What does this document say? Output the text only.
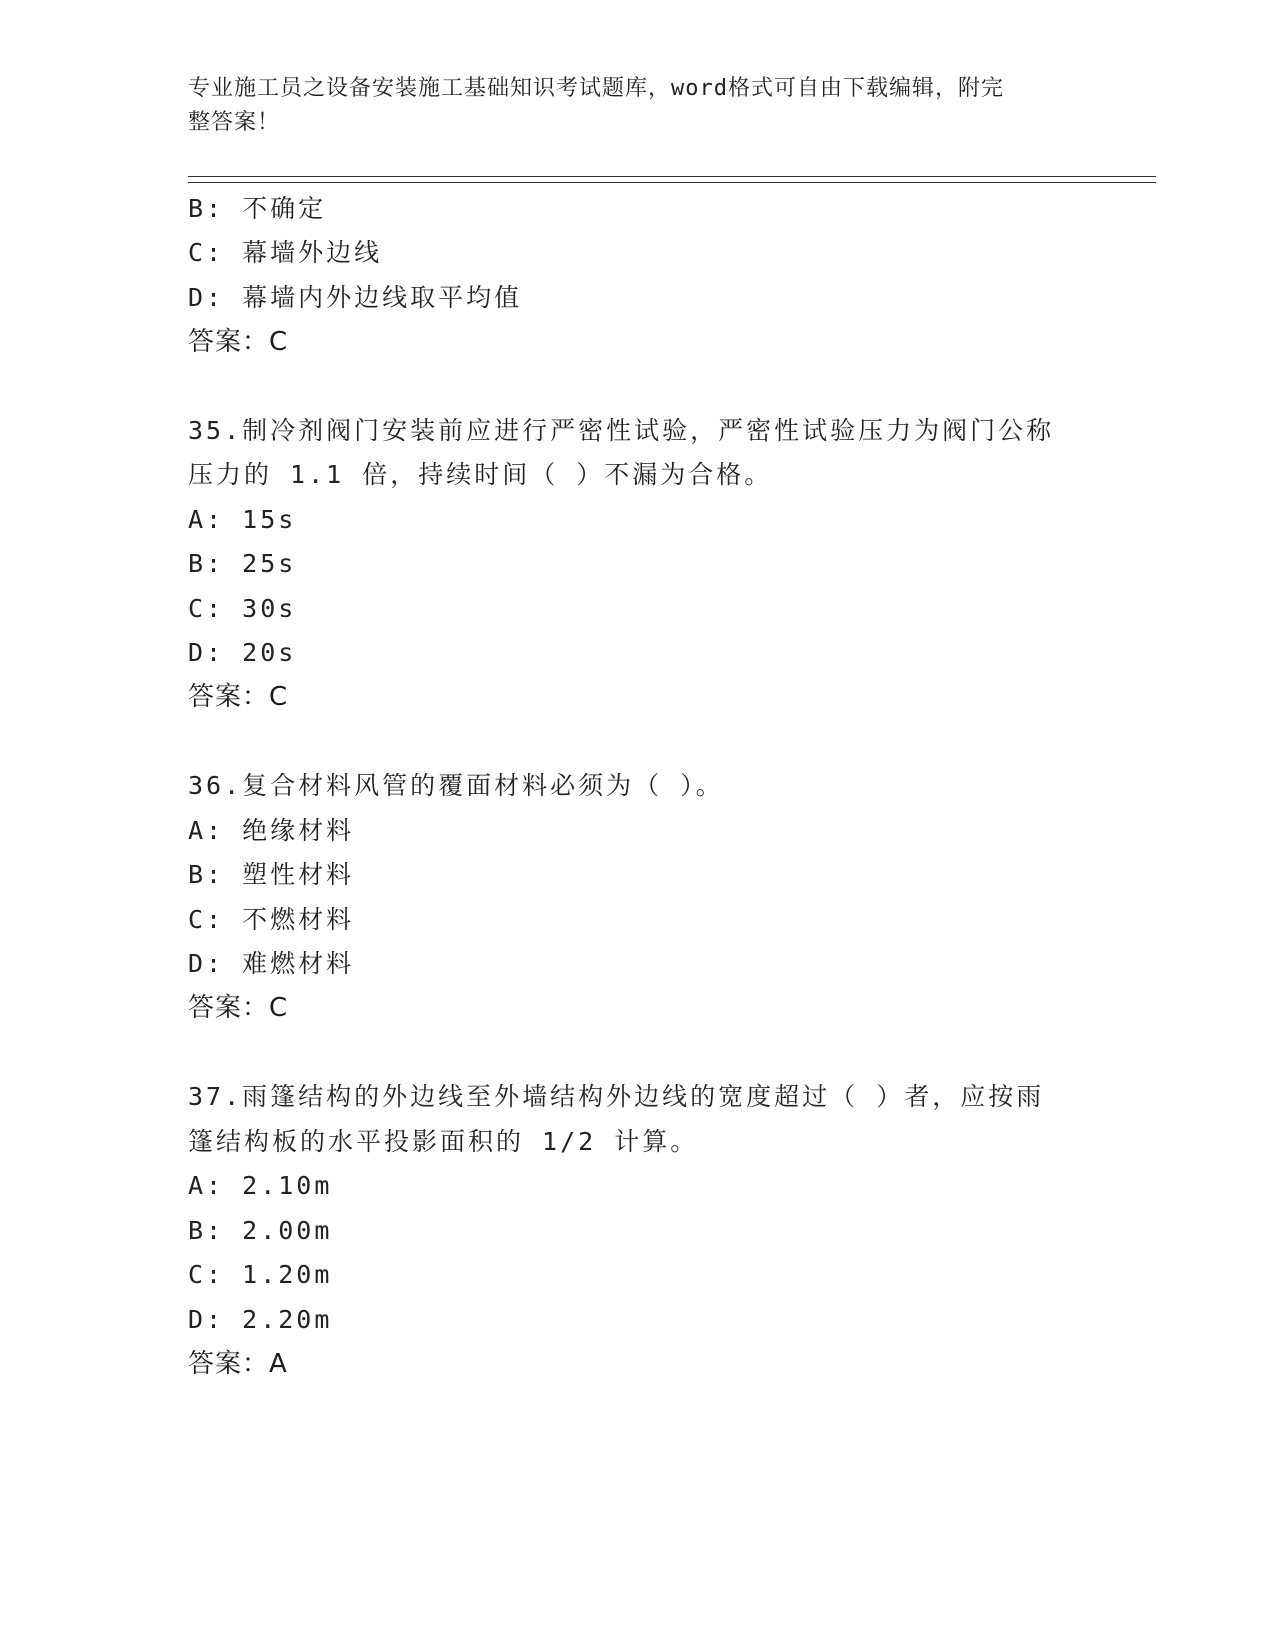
专业施工员之设备安装施工基础知识考试题库，word格式可自由下载编辑，附完
整答案！
B: 不确定
C: 幕墙外边线
D: 幕墙内外边线取平均值
答案：C
35.制冷剂阀门安装前应进行严密性试验，严密性试验压力为阀门公称
压力的 1.1 倍，持续时间（ ）不漏为合格。
A: 15s
B: 25s
C: 30s
D: 20s
答案：C
36.复合材料风管的覆面材料必须为（ ）。
A: 绝缘材料
B: 塑性材料
C: 不燃材料
D: 难燃材料
答案：C
37.雨篷结构的外边线至外墙结构外边线的宽度超过（ ）者，应按雨
篷结构板的水平投影面积的 1/2 计算。
A: 2.10m
B: 2.00m
C: 1.20m
D: 2.20m
答案：A
